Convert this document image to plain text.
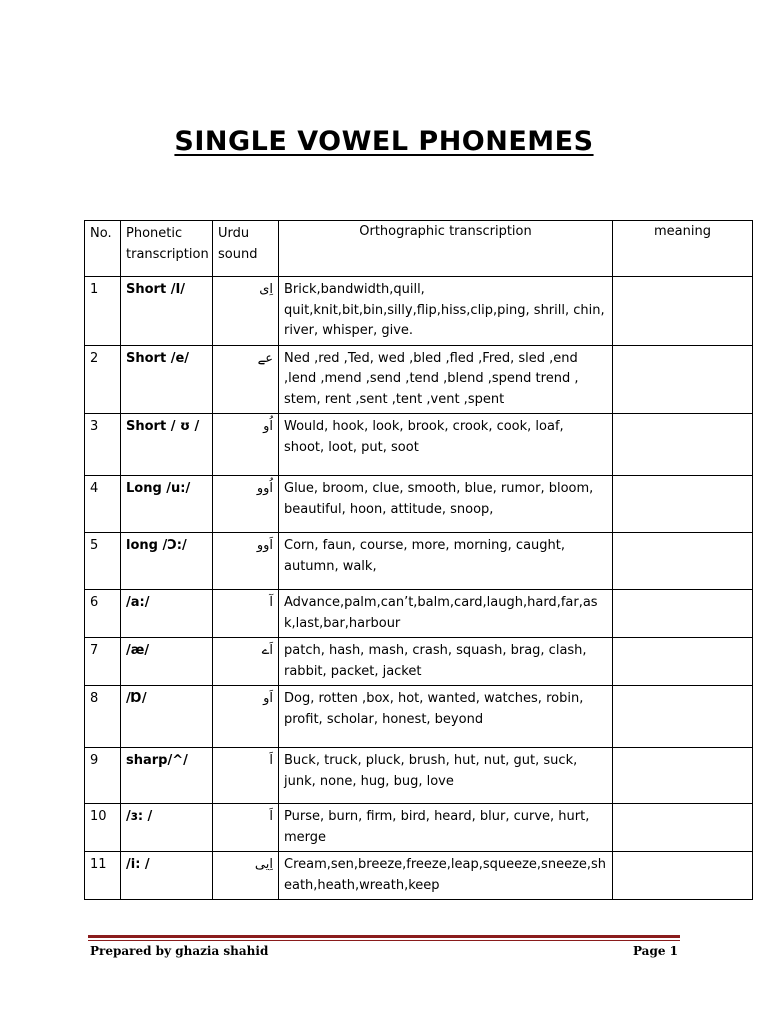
SINGLE VOWEL PHONEMES
No.	Phonetic transcription	Urdu sound	Orthographic transcription	meaning
1	Short /I/	اِی	Brick,bandwidth,quill, quit,knit,bit,bin,silly,flip,hiss,clip,ping, shrill, chin, river, whisper, give.	
2	Short /e/	عے	Ned ,red ,Ted, wed ,bled ,fled ,Fred, sled ,end ,lend ,mend ,send ,tend ,blend ,spend trend , stem, rent ,sent ,tent ,vent ,spent	
3	Short / ʊ /	اُو	Would, hook, look, brook, crook, cook, loaf, shoot, loot, put, soot	
4	Long /u:/	اُوو	Glue, broom, clue, smooth, blue, rumor, bloom, beautiful, hoon, attitude, snoop,	
5	long /Ɔ:/	اَوو	Corn, faun, course, more, morning, caught, autumn, walk,	
6	/a:/	آ	Advance,palm,can’t,balm,card,laugh,hard,far,ask,last,bar,harbour	
7	/æ/	اَے	patch, hash, mash, crash, squash, brag, clash, rabbit, packet, jacket	
8	/Ɒ/	اَو	Dog, rotten ,box, hot, wanted, watches, robin, profit, scholar, honest, beyond	
9	sharp/^/	اَ	Buck, truck, pluck, brush, hut, nut, gut, suck, junk, none, hug, bug, love	
10	/ɜ: /	اَ	Purse, burn, firm, bird, heard, blur, curve, hurt, merge	
11	/i: /	اِیی	Cream,sen,breeze,freeze,leap,squeeze,sneeze,sheath,heath,wreath,keep	
Prepared by ghazia shahid	Page 1
